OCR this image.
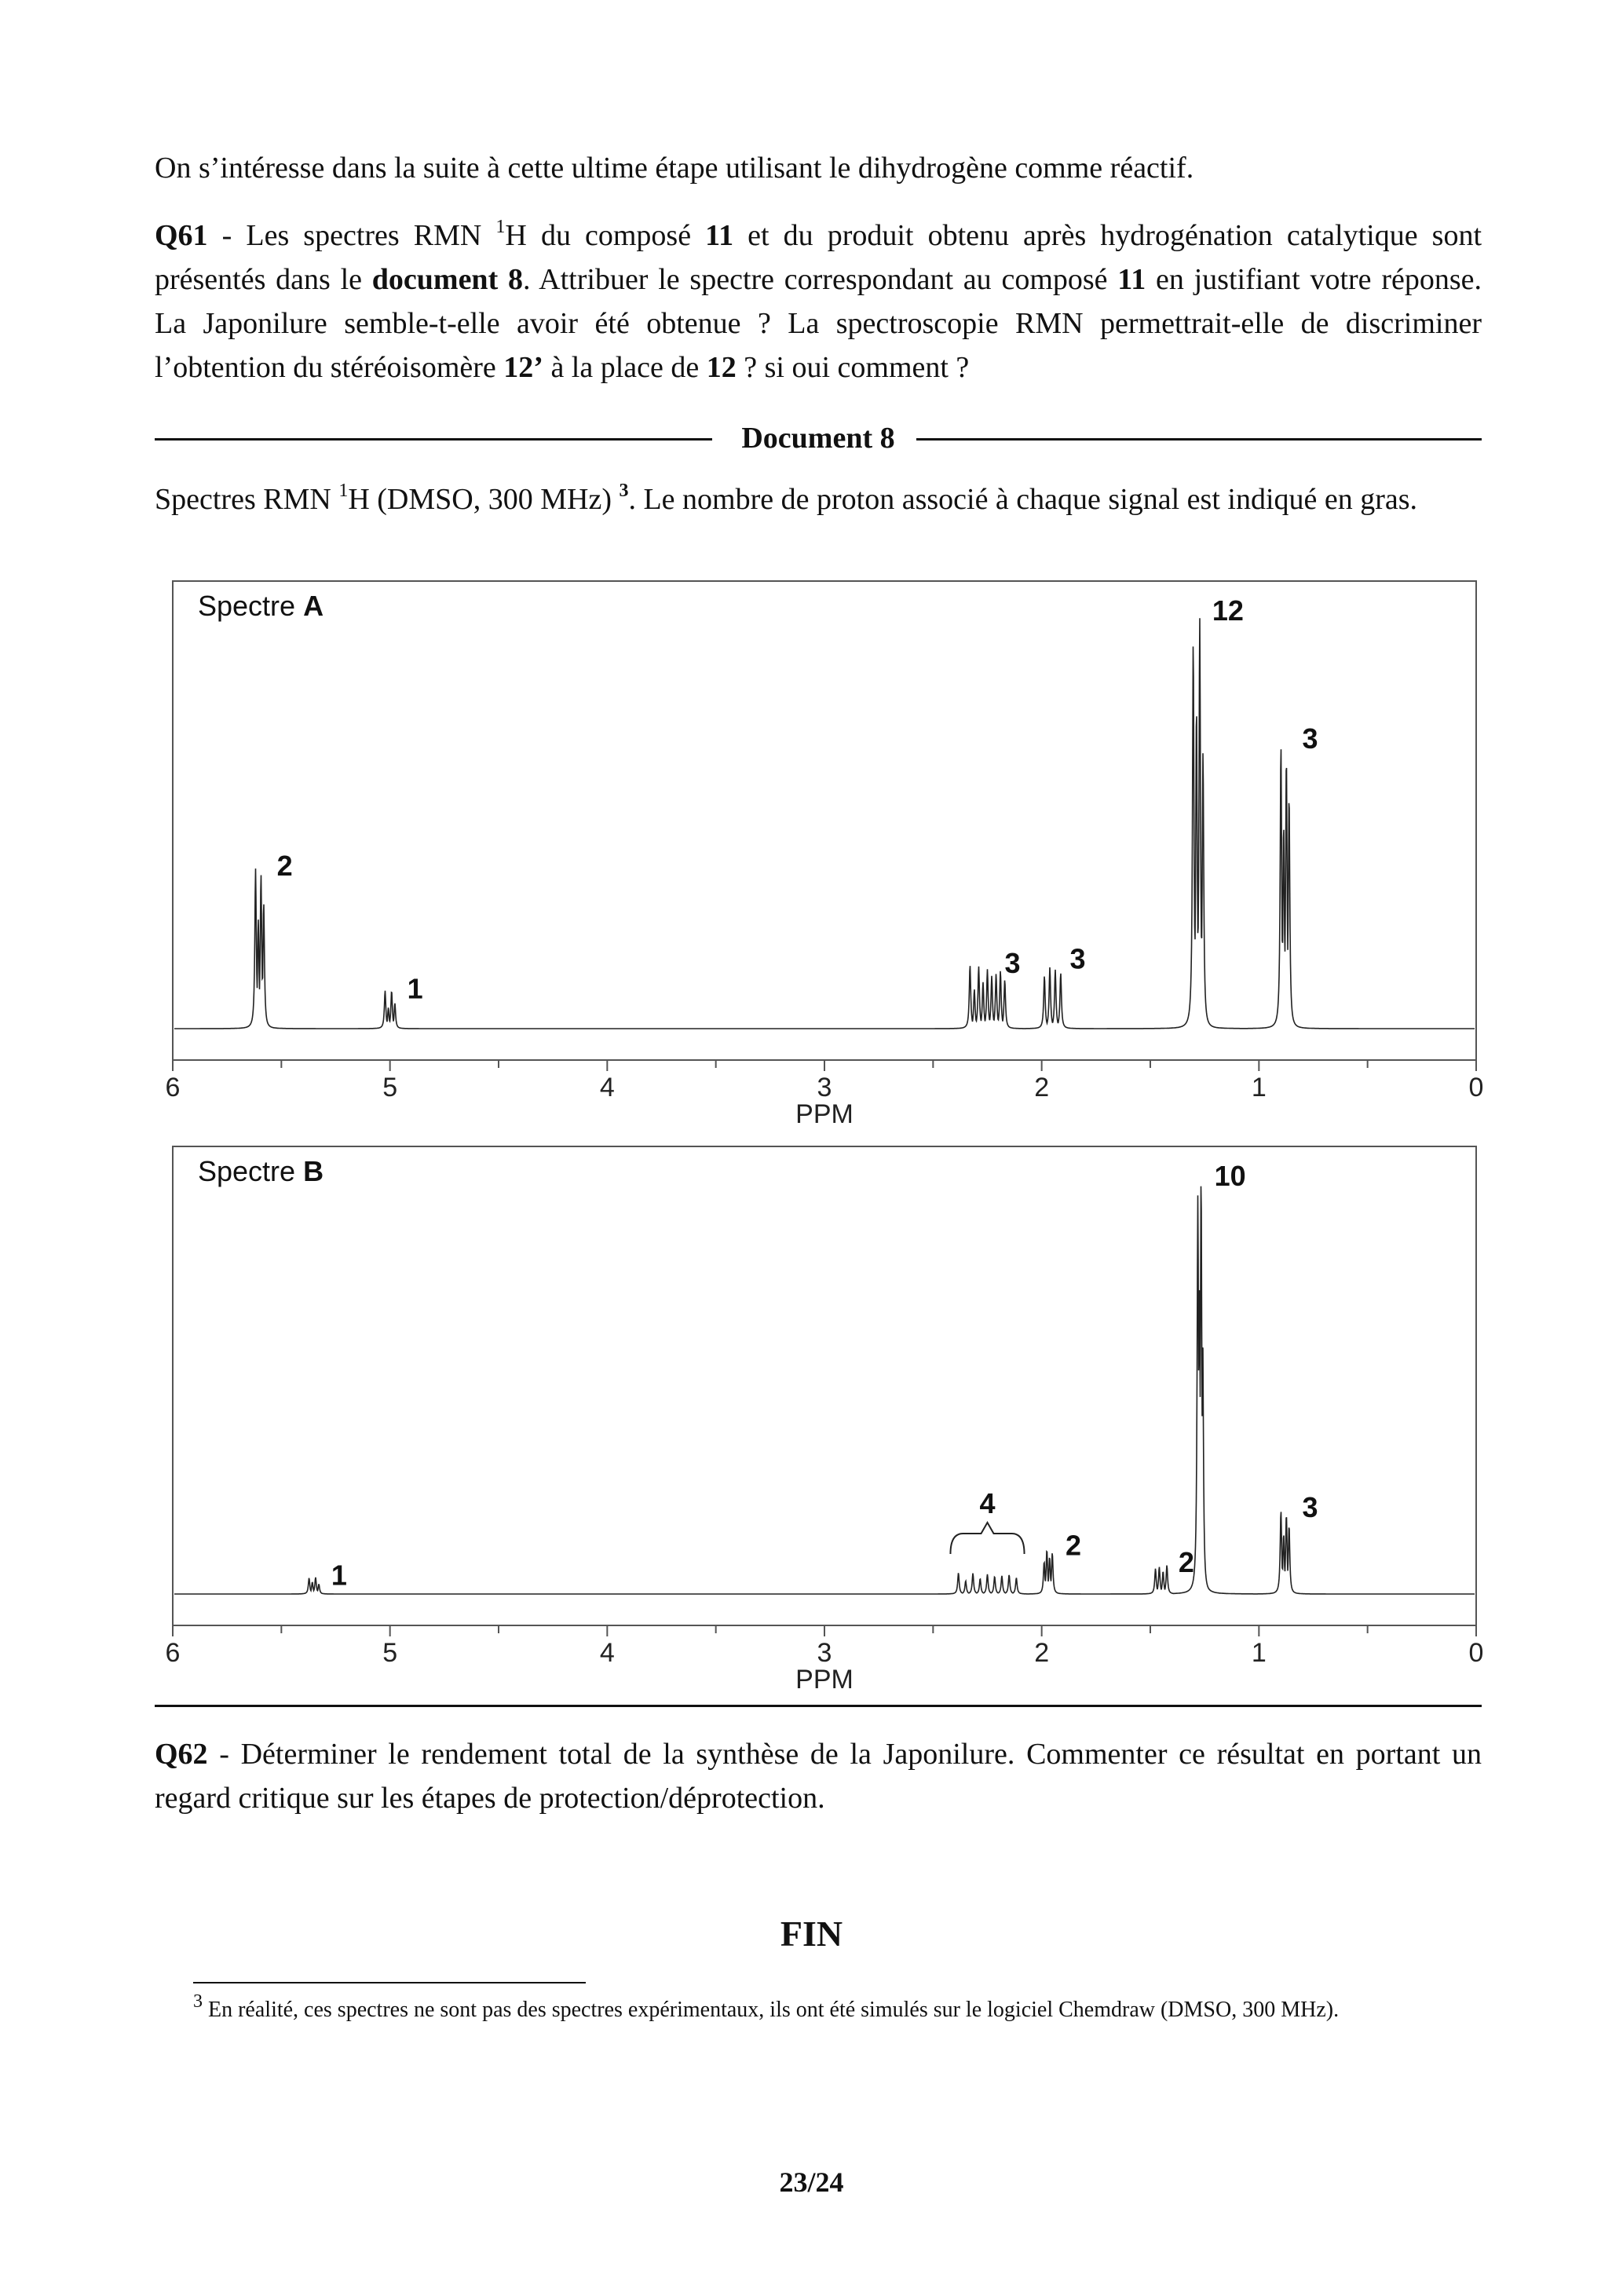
On s’intéresse dans la suite à cette ultime étape utilisant le dihydrogène comme réactif.
Q61 - Les spectres RMN $^1$H du composé 11 et du produit obtenu après hydrogénation catalytique sont présentés dans le document 8. Attribuer le spectre correspondant au composé 11 en justifiant votre réponse. La Japonilure semble-t-elle avoir été obtenue ? La spectroscopie RMN permettrait-elle de discriminer l’obtention du stéréoisomère 12’ à la place de 12 ? si oui comment ?
Document 8
Spectres RMN $^1$H (DMSO, 300 MHz) $^3$. Le nombre de proton associé à chaque signal est indiqué en gras.
6	5	4	3	2	1	0
PPM
Spectre A
2
1
3 3
12
3
6	5	4	3	2	1	0
PPM
Spectre B
1
4
2
2
10
3
Q62 - Déterminer le rendement total de la synthèse de la Japonilure. Commenter ce résultat en portant un regard critique sur les étapes de protection/déprotection.
FIN
$^3$ En réalité, ces spectres ne sont pas des spectres expérimentaux, ils ont été simulés sur le logiciel Chemdraw (DMSO, 300 MHz).
23/24
